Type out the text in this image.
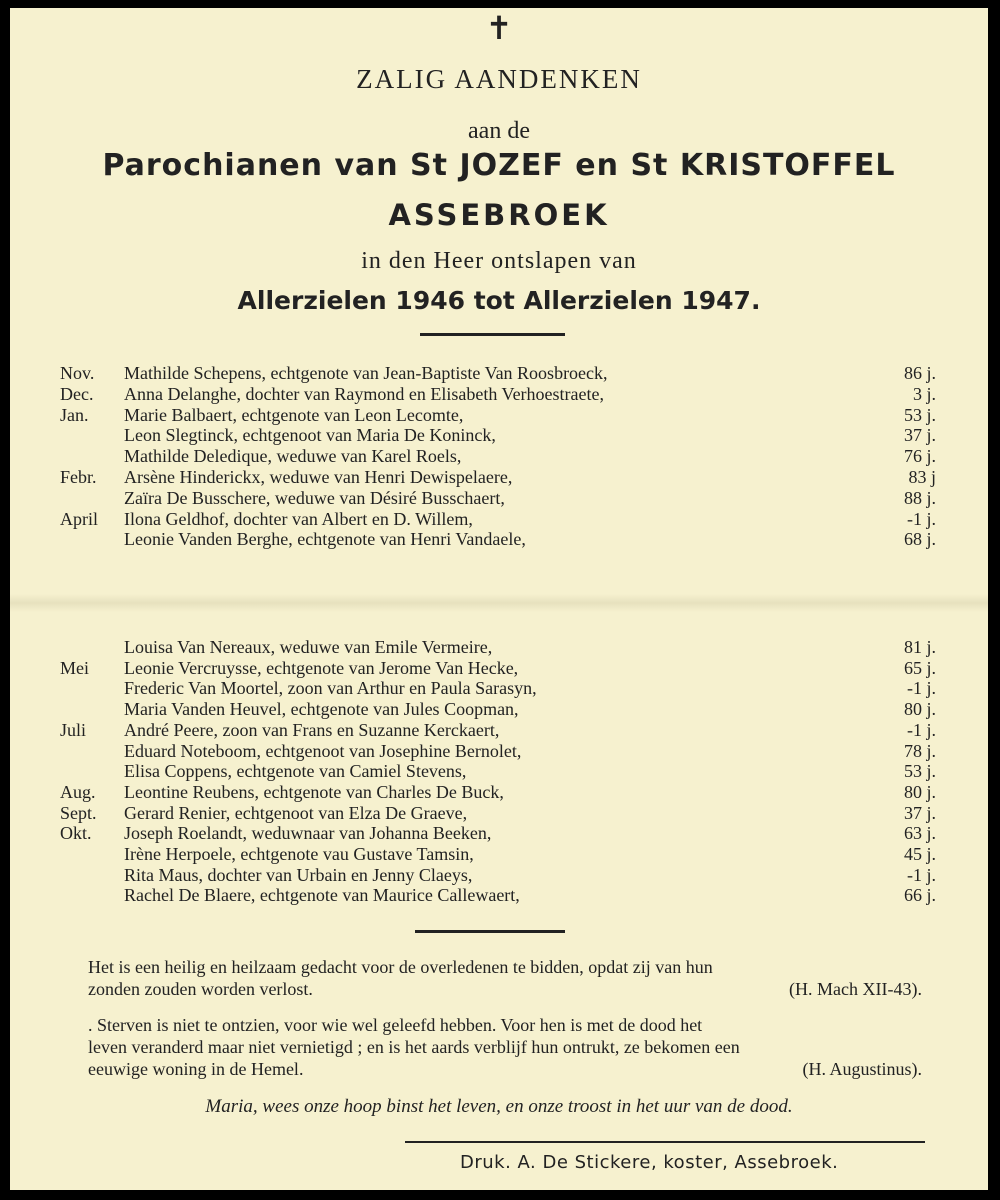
✝
ZALIG AANDENKEN
aan de
Parochianen van St JOZEF en St KRISTOFFEL
ASSEBROEK
in den Heer ontslapen van
Allerzielen 1946 tot Allerzielen 1947.
Nov. Mathilde Schepens, echtgenote van Jean-Baptiste Van Roosbroeck,	86 j.
Dec. Anna Delanghe, dochter van Raymond en Elisabeth Verhoestraete,	3 j.
Jan. Marie Balbaert, echtgenote van Leon Lecomte,	53 j.
Leon Slegtinck, echtgenoot van Maria De Koninck,	37 j.
Mathilde Deledique, weduwe van Karel Roels,	76 j.
Febr. Arsène Hinderickx, weduwe van Henri Dewispelaere,	83 j
Zaïra De Busschere, weduwe van Désiré Busschaert,	88 j.
April Ilona Geldhof, dochter van Albert en D. Willem,	-1 j.
Leonie Vanden Berghe, echtgenote van Henri Vandaele,	68 j.
Louisa Van Nereaux, weduwe van Emile Vermeire,	81 j.
Mei Leonie Vercruysse, echtgenote van Jerome Van Hecke,	65 j.
Frederic Van Moortel, zoon van Arthur en Paula Sarasyn,	-1 j.
Maria Vanden Heuvel, echtgenote van Jules Coopman,	80 j.
Juli André Peere, zoon van Frans en Suzanne Kerckaert,	-1 j.
Eduard Noteboom, echtgenoot van Josephine Bernolet,	78 j.
Elisa Coppens, echtgenote van Camiel Stevens,	53 j.
Aug. Leontine Reubens, echtgenote van Charles De Buck,	80 j.
Sept. Gerard Renier, echtgenoot van Elza De Graeve,	37 j.
Okt. Joseph Roelandt, weduwnaar van Johanna Beeken,	63 j.
Irène Herpoele, echtgenote vau Gustave Tamsin,	45 j.
Rita Maus, dochter van Urbain en Jenny Claeys,	-1 j.
Rachel De Blaere, echtgenote van Maurice Callewaert,	66 j.
Het is een heilig en heilzaam gedacht voor de overledenen te bidden, opdat zij van hun
zonden zouden worden verlost.	(H. Mach XII-43).
. Sterven is niet te ontzien, voor wie wel geleefd hebben. Voor hen is met de dood het
leven veranderd maar niet vernietigd ; en is het aards verblijf hun ontrukt, ze bekomen een
eeuwige woning in de Hemel.	(H. Augustinus).
Maria, wees onze hoop binst het leven, en onze troost in het uur van de dood.
Druk. A. De Stickere, koster, Assebroek.
